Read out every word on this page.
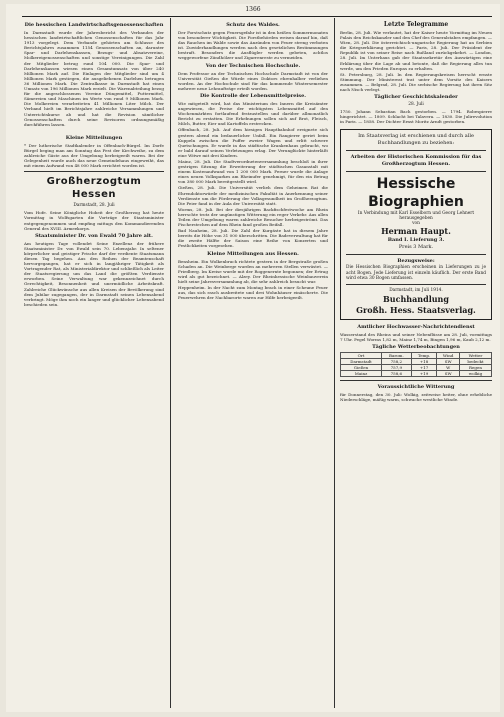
1366
Die hessischen Landwirtschaftsgenossenschaften

In Darmstadt wurde der Jahresbericht des Verbandes der hessischen landwirtschaftlichen Genossenschaften für das Jahr 1913 vorgelegt. Dem Verbande gehörten am Schlusse des Berichtsjahres zusammen 1154 Genossenschaften an, darunter Spar- und Darlehenskassen, Bezugs- und Absatzvereine, Molkereigenossenschaften und sonstige Vereinigungen. Die Zahl der Mitglieder betrug rund 104 000. Die Spar- und Darlehenskassen wiesen einen Gesamtumsatz von über 240 Millionen Mark auf. Die Einlagen der Mitglieder sind um 4 Millionen Mark gestiegen, die ausgeliehenen Darlehen betrugen 36 Millionen Mark. Die Zentralkasse in Darmstadt hat einen Umsatz von 196 Millionen Mark erzielt. Die Warenabteilung bezog für die angeschlossenen Vereine Düngemittel, Futtermittel, Sämereien und Maschinen im Werte von rund 9 Millionen Mark. Die Molkereien verarbeiteten 41 Millionen Liter Milch. Der Verband hielt im Berichtsjahre zahlreiche Versammlungen und Unterrichtskurse ab und hat die Revision sämtlicher Genossenschaften durch seine Revisoren ordnungsmäßig durchführen lassen.

Kleine Mitteilungen

* Der lutherische Stadtkalender in Offenbach-Bürgel. Im Dorfe Bürgel beging man am Sonntag das Fest der Kirchweihe, zu dem zahlreiche Gäste aus der Umgebung herbeigeeilt waren. Bei der Gelegenheit wurde auch das neue Gemeindehaus eingeweiht, das mit einem Aufwand von 48 000 Mark errichtet worden ist.

Großherzogtum Hessen
Darmstadt, 28. Juli

Vom Hofe. Seine Königliche Hoheit der Großherzog hat heute Vormittag in Wolfsgarten die Vorträge der Staatsminister entgegengenommen und empfing mittags den Kommandierenden General des XVIII. Armeekorps.

Staatsminister Dr. von Ewald 70 Jahre alt.

Am heutigen Tage vollendet Seine Exzellenz der frühere Staatsminister Dr. von Ewald sein 70. Lebensjahr. In seltener körperlicher und geistiger Frische darf der verdiente Staatsmann diesen Tag begehen. Aus den Reihen der Beamtenschaft hervorgegangen, hat er sich in langjähriger Tätigkeit als Vortragender Rat, als Ministerialdirektor und schließlich als Leiter der Staatsregierung um das Land die größten Verdienste erworben. Seine Verwaltung war gekennzeichnet durch Gerechtigkeit, Besonnenheit und unermüdliche Arbeitskraft. Zahlreiche Glückwünsche aus allen Kreisen der Bevölkerung sind dem Jubilar zugegangen, der in Darmstadt seinen Lebensabend verbringt. Möge ihm noch ein langer und glücklicher Lebensabend beschieden sein.

Schutz des Waldes.

Der Forstschutz gegen Feuersgefahr ist in den heißen Sommermonaten von besonderer Wichtigkeit. Die Forstbehörden weisen darauf hin, daß das Rauchen im Walde sowie das Anzünden von Feuer streng verboten ist. Zuwiderhandlungen werden nach den gesetzlichen Bestimmungen bestraft. Besonders die Ausflügler werden gebeten, achtlos weggeworfene Zündhölzer und Zigarrenreste zu vermeiden.

Von der Technischen Hochschule.

Dem Professor an der Technischen Hochschule Darmstadt ist von der Universität Gießen die Würde eines Doktors ehrenhalber verliehen worden. An der Hochschule sind für das kommende Wintersemester mehrere neue Lehraufträge erteilt worden.

Die Kontrolle der Lebensmittelpreise.

Wie mitgeteilt wird, hat das Ministerium des Innern die Kreisämter angewiesen, die Preise der wichtigsten Lebensmittel auf den Wochenmärkten fortlaufend festzustellen und darüber allmonatlich Bericht zu erstatten. Die Erhebungen sollen sich auf Brot, Fleisch, Milch, Butter, Eier und Kartoffeln erstrecken.

Offenbach, 28. Juli. Auf dem hiesigen Hauptbahnhof ereignete sich gestern abend ein bedauerlicher Unfall. Ein Rangierer geriet beim Kuppeln zwischen die Puffer zweier Wagen und erlitt schwere Quetschungen. Er wurde in das städtische Krankenhaus gebracht, wo er bald darauf seinen Verletzungen erlag. Der Verunglückte hinterläßt eine Witwe mit drei Kindern.

Mainz, 28. Juli. Die Stadtverordnetenversammlung beschloß in ihrer gestrigen Sitzung die Erweiterung der städtischen Gasanstalt mit einem Kostenaufwand von 1 200 000 Mark. Ferner wurde die Anlage eines neuen Volksparkes am Rheinufer genehmigt, für den ein Betrag von 380 000 Mark bereitgestellt wird.

Gießen, 28. Juli. Die Universität verlieh dem Geheimen Rat die Ehrendoktorwürde der medizinischen Fakultät in Anerkennung seiner Verdienste um die Förderung der Volksgesundheit im Großherzogtum. Die Feier fand in der Aula der Universität statt.

Worms, 28. Juli. Bei der diesjährigen Backfischfestwoche am Rhein herrschte trotz der ungünstigen Witterung ein reger Verkehr. Aus allen Teilen der Umgebung waren zahlreiche Besucher herbeigeströmt. Das Fischerstechen auf dem Rhein fand großen Beifall.

Bad Nauheim, 28. Juli. Die Zahl der Kurgäste hat in diesem Jahre bereits die Höhe von 31 000 überschritten. Die Badeverwaltung hat für die zweite Hälfte der Saison eine Reihe von Konzerten und Festlichkeiten vorgesehen.

Kleine Mitteilungen aus Hessen.

Bensheim. Ein Wolkenbruch richtete gestern in der Bergstraße großen Schaden an. Die Weinberge wurden an mehreren Stellen verwüstet. — Friedberg. Im Kreise wurde mit der Roggenernte begonnen; der Ertrag wird als gut bezeichnet. — Alzey. Der Rheinhessische Weinbauverein hielt seine Jahresversammlung ab, die sehr zahlreich besucht war.

Heppenheim. In der Nacht zum Montag brach in einer Scheune Feuer aus, das sich rasch ausbreitete und drei Wohnhäuser einäscherte. Die Feuerwehren der Nachbarorte waren zur Hilfe herbeigeeilt.

Letzte Telegramme

Berlin, 28. Juli. Wie verlautet, hat der Kaiser heute Vormittag im Neuen Palais den Reichskanzler und den Chef des Generalstabes empfangen. — Wien, 28. Juli. Die österreichisch-ungarische Regierung hat an Serbien die Kriegserklärung gerichtet. — Paris, 28. Juli. Der Präsident der Republik ist von seiner Reise nach Rußland zurückgekehrt. — London, 28. Juli. Im Unterhaus gab der Staatssekretär des Auswärtigen eine Erklärung über die Lage ab und betonte, daß die Regierung alles tun werde, um den Frieden Europas zu erhalten.

St. Petersburg, 28. Juli. In den Regierungskreisen herrscht ernste Stimmung. Der Ministerrat trat unter dem Vorsitz des Kaisers zusammen. — Belgrad, 28. Juli. Die serbische Regierung hat ihren Sitz nach Nisch verlegt.

Täglicher Geschichtskalender
28. Juli

1750. Johann Sebastian Bach gestorben. — 1794. Robespierre hingerichtet. — 1809. Schlacht bei Talavera. — 1830. Die Julirevolution in Paris. — 1858. Der Dichter Ernst Moritz Arndt gestorben.

Im Staatsverlag ist erschienen und durch alle Buchhandlungen zu beziehen:
Arbeiten der Historischen Kommission für das Großherzogtum Hessen.
Hessische Biographien
In Verbindung mit Karl Esselborn und Georg Lehnert herausgegeben
von
Herman Haupt.
Band I. Lieferung 3.
Preis 3 Mark.
Bezugsweise:
Die Hessischen Biographien erscheinen in Lieferungen zu je acht Bogen. Jede Lieferung ist einzeln käuflich. Der erste Band wird etwa 30 Bogen umfassen.
Darmstadt, im Juli 1914.
Buchhandlung
Großh. Hess. Staatsverlag.
Amtlicher Hochwasser-Nachrichtendienst

Wasserstand des Rheins und seiner Nebenflüsse am 28. Juli, vormittags 7 Uhr. Pegel Worms 1,82 m, Mainz 1,74 m, Bingen 1,96 m, Kaub 2,12 m.

Tägliche Wetterbeobachtungen
Ort	Barom.	Temp.	Wind	Wetter
Darmstadt	758,2	+18	SW	bedeckt
Gießen	757,9	+17	W	Regen
Mainz	758,6	+19	SW	wolkig
Voraussichtliche Witterung

für Donnerstag, den 30. Juli: Wolkig, zeitweise heiter, ohne erhebliche Niederschläge, mäßig warm, schwache westliche Winde.
